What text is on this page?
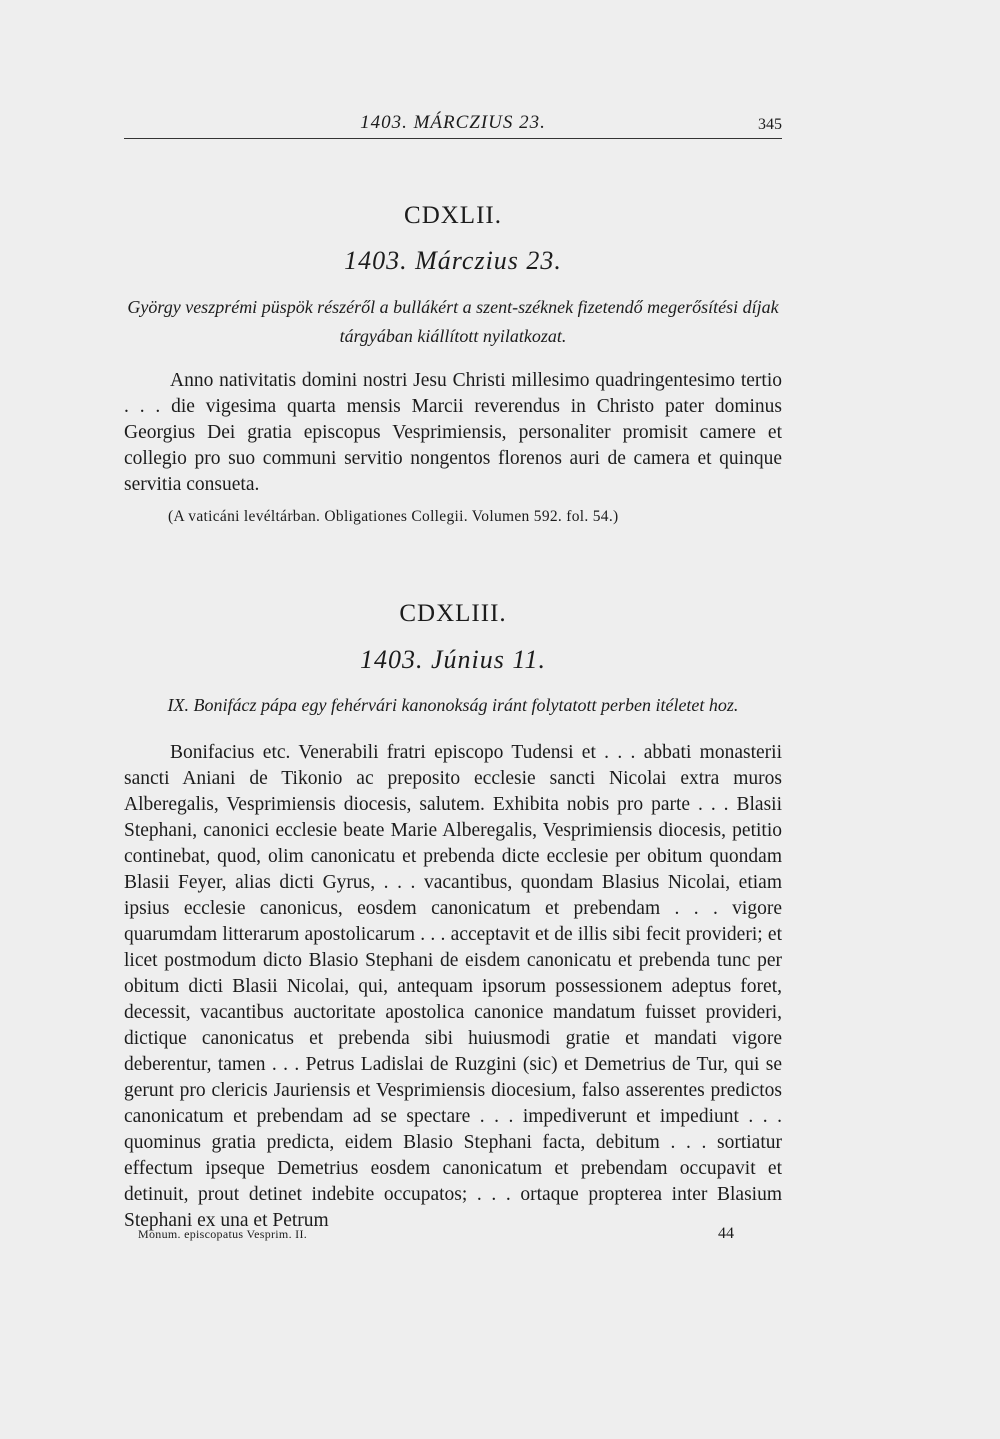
1403. MÁRCZIUS 23.	345
CDXLII.
1403. Márczius 23.
György veszprémi püspök részéről a bullákért a szent-széknek fizetendő megerősítési díjak
tárgyában kiállított nyilatkozat.

Anno nativitatis domini nostri Jesu Christi millesimo quadringentesimo tertio . . . die vigesima quarta mensis Marcii reverendus in Christo pater dominus Georgius Dei gratia episcopus Vesprimiensis, personaliter promisit camere et collegio pro suo communi servitio nongentos florenos auri de camera et quinque servitia consueta.

(A vaticáni levéltárban. Obligationes Collegii. Volumen 592. fol. 54.)
CDXLIII.
1403. Június 11.
IX. Bonifácz pápa egy fehérvári kanonokság iránt folytatott perben itéletet hoz.

Bonifacius etc. Venerabili fratri episcopo Tudensi et . . . abbati monasterii sancti Aniani de Tikonio ac preposito ecclesie sancti Nicolai extra muros Alberegalis, Vesprimiensis diocesis, salutem. Exhibita nobis pro parte . . . Blasii Stephani, canonici ecclesie beate Marie Alberegalis, Vesprimiensis diocesis, petitio continebat, quod, olim canonicatu et prebenda dicte ecclesie per obitum quondam Blasii Feyer, alias dicti Gyrus, . . . vacantibus, quondam Blasius Nicolai, etiam ipsius ecclesie canonicus, eosdem canonicatum et prebendam . . . vigore quarumdam litterarum apostolicarum . . . acceptavit et de illis sibi fecit provideri; et licet postmodum dicto Blasio Stephani de eisdem canonicatu et prebenda tunc per obitum dicti Blasii Nicolai, qui, antequam ipsorum possessionem adeptus foret, decessit, vacantibus auctoritate apostolica canonice mandatum fuisset provideri, dictique canonicatus et prebenda sibi huiusmodi gratie et mandati vigore deberentur, tamen . . . Petrus Ladislai de Ruzgini (sic) et Demetrius de Tur, qui se gerunt pro clericis Jauriensis et Vesprimiensis diocesium, falso asserentes predictos canonicatum et prebendam ad se spectare . . . impediverunt et impediunt . . . quominus gratia predicta, eidem Blasio Stephani facta, debitum . . . sortiatur effectum ipseque Demetrius eosdem canonicatum et prebendam occupavit et detinuit, prout detinet indebite occupatos; . . . ortaque propterea inter Blasium Stephani ex una et Petrum

Monum. episcopatus Vesprim. II.	44
